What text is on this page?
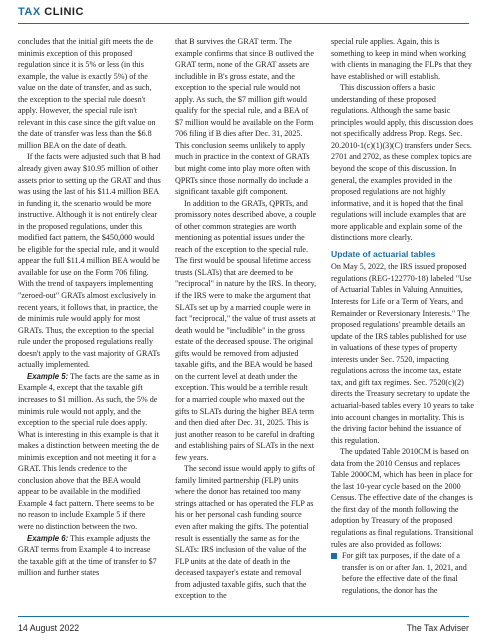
TAX CLINIC

concludes that the initial gift meets the de minimis exception of this proposed regulation since it is 5% or less (in this example, the value is exactly 5%) of the value on the date of transfer, and as such, the exception to the special rule doesn't apply. However, the special rule isn't relevant in this case since the gift value on the date of transfer was less than the $6.8 million BEA on the date of death.

If the facts were adjusted such that B had already given away $10.95 million of other assets prior to setting up the GRAT and thus was using the last of his $11.4 million BEA in funding it, the scenario would be more instructive. Although it is not entirely clear in the proposed regulations, under this modified fact pattern, the $450,000 would be eligible for the special rule, and it would appear the full $11.4 million BEA would be available for use on the Form 706 filing. With the trend of taxpayers implementing "zeroed-out" GRATs almost exclusively in recent years, it follows that, in practice, the de minimis rule would apply for most GRATs. Thus, the exception to the special rule under the proposed regulations really doesn't apply to the vast majority of GRATs actually implemented.

Example 5: The facts are the same as in Example 4, except that the taxable gift increases to $1 million. As such, the 5% de minimis rule would not apply, and the exception to the special rule does apply. What is interesting in this example is that it makes a distinction between meeting the de minimis exception and not meeting it for a GRAT. This lends credence to the conclusion above that the BEA would appear to be available in the modified Example 4 fact pattern. There seems to be no reason to include Example 5 if there were no distinction between the two.

Example 6: This example adjusts the GRAT terms from Example 4 to increase the taxable gift at the time of transfer to $7 million and further states

that B survives the GRAT term. The example confirms that since B outlived the GRAT term, none of the GRAT assets are includible in B's gross estate, and the exception to the special rule would not apply. As such, the $7 million gift would qualify for the special rule, and a BEA of $7 million would be available on the Form 706 filing if B dies after Dec. 31, 2025. This conclusion seems unlikely to apply much in practice in the context of GRATs but might come into play more often with QPRTs since those normally do include a significant taxable gift component.

In addition to the GRATs, QPRTs, and promissory notes described above, a couple of other common strategies are worth mentioning as potential issues under the reach of the exception to the special rule. The first would be spousal lifetime access trusts (SLATs) that are deemed to be "reciprocal" in nature by the IRS. In theory, if the IRS were to make the argument that SLATs set up by a married couple were in fact "reciprocal," the value of trust assets at death would be "includible" in the gross estate of the deceased spouse. The original gifts would be removed from adjusted taxable gifts, and the BEA would be based on the current level at death under the exception. This would be a terrible result for a married couple who maxed out the gifts to SLATs during the higher BEA term and then died after Dec. 31, 2025. This is just another reason to be careful in drafting and establishing pairs of SLATs in the next few years.

The second issue would apply to gifts of family limited partnership (FLP) units where the donor has retained too many strings attached or has operated the FLP as his or her personal cash funding source even after making the gifts. The potential result is essentially the same as for the SLATs: IRS inclusion of the value of the FLP units at the date of death in the deceased taxpayer's estate and removal from adjusted taxable gifts, such that the exception to the

special rule applies. Again, this is something to keep in mind when working with clients in managing the FLPs that they have established or will establish.

This discussion offers a basic understanding of these proposed regulations. Although the same basic principles would apply, this discussion does not specifically address Prop. Regs. Sec. 20.2010-1(c)(1)(3)(C) transfers under Secs. 2701 and 2702, as these complex topics are beyond the scope of this discussion. In general, the examples provided in the proposed regulations are not highly informative, and it is hoped that the final regulations will include examples that are more applicable and explain some of the distinctions more clearly.

Update of actuarial tables

On May 5, 2022, the IRS issued proposed regulations (REG-122770-18) labeled "Use of Actuarial Tables in Valuing Annuities, Interests for Life or a Term of Years, and Remainder or Reversionary Interests." The proposed regulations' preamble details an update of the IRS tables published for use in valuations of these types of property interests under Sec. 7520, impacting regulations across the income tax, estate tax, and gift tax regimes. Sec. 7520(c)(2) directs the Treasury secretary to update the actuarial-based tables every 10 years to take into account changes in mortality. This is the driving factor behind the issuance of this regulation.

The updated Table 2010CM is based on data from the 2010 Census and replaces Table 2000CM, which has been in place for the last 10-year cycle based on the 2000 Census. The effective date of the changes is the first day of the month following the adoption by Treasury of the proposed regulations as final regulations. Transitional rules are also provided as follows:

For gift tax purposes, if the date of a transfer is on or after Jan. 1, 2021, and before the effective date of the final regulations, the donor has the
14 August 2022	The Tax Adviser
